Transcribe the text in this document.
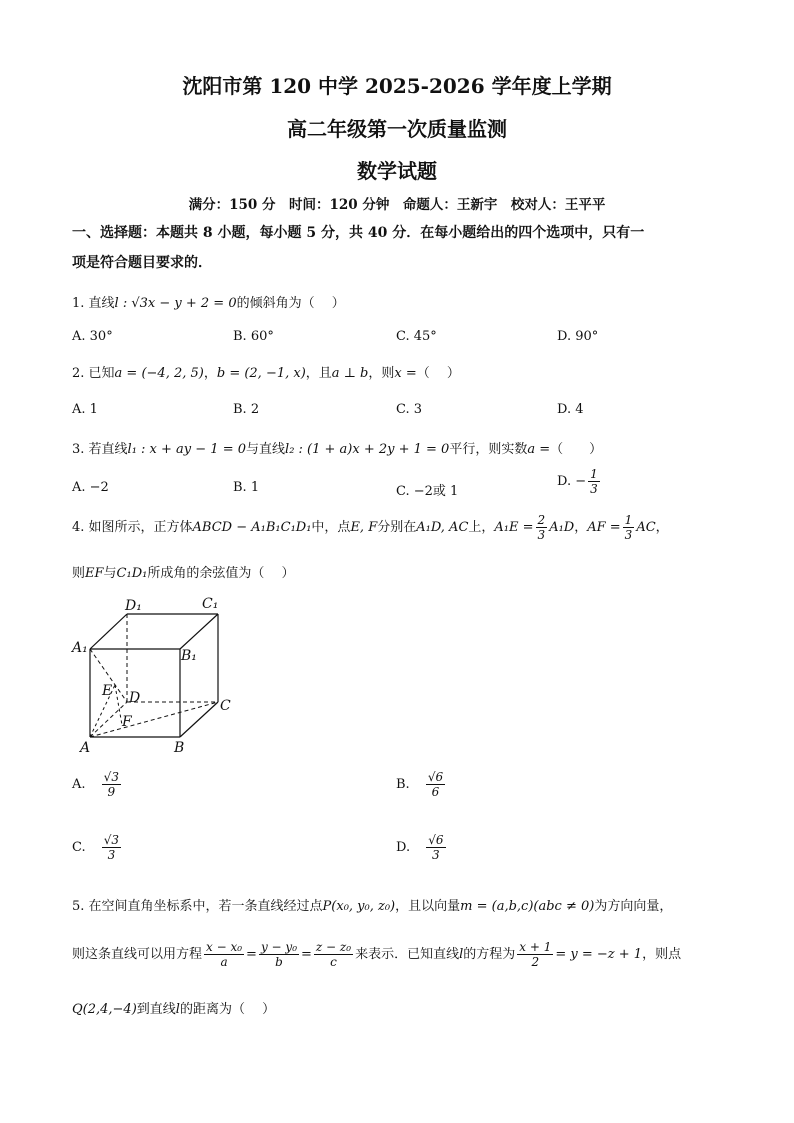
沈阳市第 120 中学 2025-2026 学年度上学期
高二年级第一次质量监测
数学试题
满分：150 分　时间：120 分钟　命题人：王新宇　校对人：王平平
一、选择题：本题共 8 小题，每小题 5 分，共 40 分．在每小题给出的四个选项中，只有一
项是符合题目要求的．
1. 直线l : √3x − y + 2 = 0的倾斜角为（　 ）
A. 30°	B. 60°	C. 45°	D. 90°
2. 已知a = (−4, 2, 5)，b = (2, −1, x)，且a ⊥ b，则x =（　 ）
A. 1	B. 2	C. 3	D. 4
3. 若直线l₁ : x + ay − 1 = 0与直线l₂ : (1 + a)x + 2y + 1 = 0平行，则实数a =（　　）
A. −2	B. 1	C. −2或 1
D. − $\frac{1}{3}$
4. 如图所示，正方体ABCD − A₁B₁C₁D₁中，点E, F分别在A₁D, AC上，$A_1E = \frac{2}{3} A_1D$，AF = $\frac{1}{3}$ AC，
则EF与C₁D₁所成角的余弦值为（　 ）
D₁	C₁
A₁	B₁
E D	C
F
A	B
A. $\frac{√3}{9}$	B. $\frac{√6}{6}$
C. $\frac{√3}{3}$	D. $\frac{√6}{3}$
5. 在空间直角坐标系中，若一条直线经过点P(x₀, y₀, z₀)，且以向量m = (a,b,c)(abc ≠ 0)为方向向量，
则这条直线可以用方程 $\frac{\text{x − x₀}}{a} = \frac{\text{y − y₀}}{b} = \frac{\text{z − z₀}}{c}$ 来表示．已知直线l的方程为 $\frac{x + 1}{2} = y = -z + 1$，则点
Q(2,4,−4)到直线l的距离为（　 ）
